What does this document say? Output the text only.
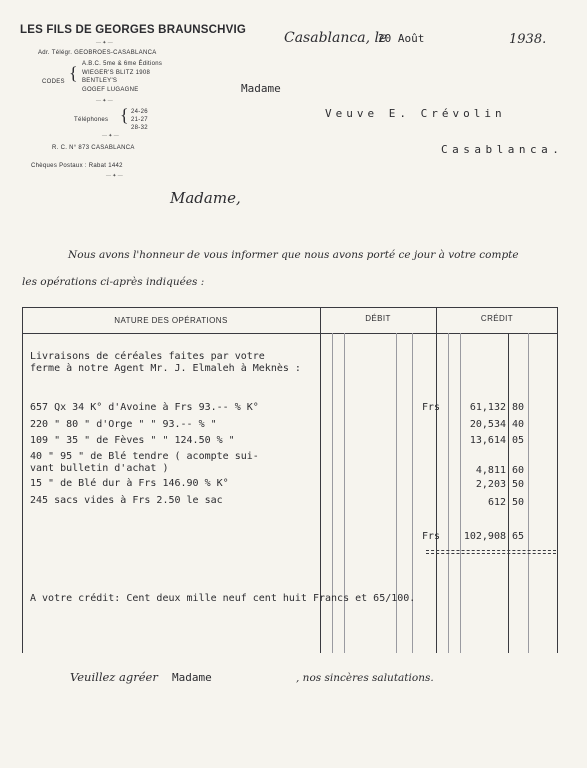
LES FILS DE GEORGES BRAUNSCHVIG
— ✦ —
Adr. Télégr. GEOBROES-CASABLANCA
CODES { A.B.C. 5me & 6me Éditions
WIEGER'S BLITZ 1908
BENTLEY'S
GOGEF LUGAGNE
— ✦ —
Téléphones { 24-26
21-27
28-32
— ✦ —
R. C. N° 873 CASABLANCA
Chèques Postaux : Rabat 1442
— ✦ —
Casablanca, le
20 Août	1938.
Madame
Veuve E. Crévolin
Casablanca.
Madame,
Nous avons l'honneur de vous informer que nous avons porté ce jour à votre compte
les opérations ci-après indiquées :
NATURE DES OPÉRATIONS	DÉBIT	CRÉDIT
Livraisons de céréales faites par votre
ferme à notre Agent Mr. J. Elmaleh à Meknès :
657 Qx 34 K° d'Avoine à Frs 93.-- % K°	Frs	61,132 80
220 " 80 " d'Orge " " 93.-- % "	20,534 40
109 " 35 " de Fèves " " 124.50 % "	13,614 05
40 " 95 " de Blé tendre ( acompte sui-
vant bulletin d'achat )	4,811 60
15 " de Blé dur à Frs 146.90 % K°	2,203 50
245 sacs vides à Frs 2.50 le sac	612 50
Frs 102,908 65
A votre crédit: Cent deux mille neuf cent huit Francs et 65/100.
Veuillez agréer Madame	, nos sincères salutations.
